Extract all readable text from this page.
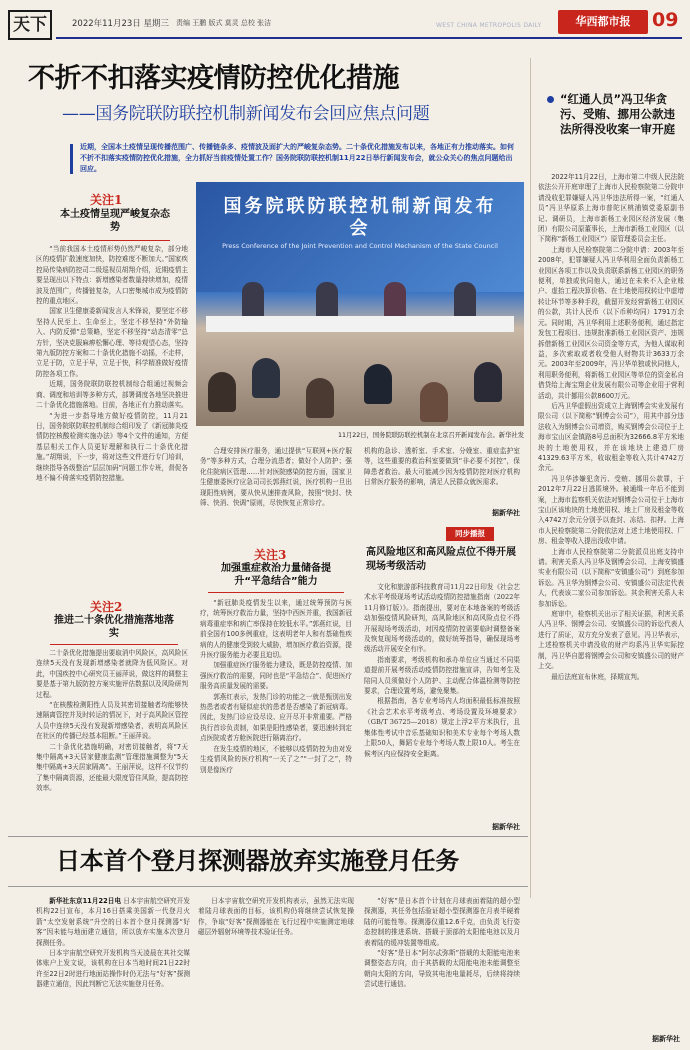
天下	2022年11月23日 星期三 责编 王鹏 版式 莫灵 总校 张洁	WEST CHINA METROPOLIS DAILY	华西都市报	09
不折不扣落实疫情防控优化措施
——国务院联防联控机制新闻发布会回应焦点问题
近期，全国本土疫情呈现传播范围广、传播链条多、疫情波及面扩大的严峻复杂态势。二十条优化措施发布以来，各地正有力推动落实。如何不折不扣落实疫情防控优化措施，全力抓好当前疫情处置工作？国务院联防联控机制11月22日举行新闻发布会，就公众关心的焦点问题给出回应。
国务院联防联控机制新闻发布会
Press Conference of the Joint Prevention and Control Mechanism of the State Council
11月22日，国务院联防联控机制在北京召开新闻发布会。新华社发
关注1
本土疫情呈现严峻复杂态势

“当前我国本土疫情形势仍然严峻复杂，部分地区的疫情扩散速度加快，防控难度不断加大。”国家疾控局传染病防控司二级巡视员胡翔介绍，近期疫情主要呈现出以下特点：新增感染者数量持续增加，疫情波及范围广，传播链复杂，人口密集城市成为疫情防控的重点地区。

国家卫生健康委新闻发言人米锋说，要坚定不移坚持人民至上、生命至上，坚定不移坚持“外防输入、内防反弹”总策略，坚定不移坚持“动态清零”总方针，坚决克服麻痹松懈心理、等待观望心态，坚持第九版防控方案和二十条优化措施不动摇，不走样，立足于防，立足于早，立足于快，科学精准做好疫情防控各项工作。

近期，国务院联防联控机制综合组通过视频会商、调度和培训等多种方式，部署调度各地坚决推进二十条优化措施落地。目前，各地正有力推动落实。

“为进一步指导地方做好疫情防控，11月21日，国务院联防联控机制综合组印发了《新冠肺炎疫情防控核酸检测实施办法》等4个文件的通知，方便基层相关工作人员更好理解和执行二十条优化措施。”胡翔说，下一步，将对这些文件进行专门培训，继续指导各级整治“层层加码”问题工作专班，督促各地不偏不倚落实疫情防控措施。

关注2
推进二十条优化措施落地落实

二十条优化措施提出要取消中风险区，高风险区连续5天没有发现新增感染者就降为低风险区。对此，中国疾控中心研究员王丽萍说，做这样的调整主要是基于第九版防控方案实施评估数据以及风险研判过程。

“在核酸检测阳性人员及其密切接触者均能够快速隔离管控并及时转运的情况下，对于高风险区管控人员中连续5天没有发现新增感染者，表明高风险区在社区的传播已经基本阻断。”王丽萍说。

二十条优化措施明确，对密切接触者，将“7天集中隔离+3天居家健康监测”管理措施调整为“5天集中隔离+3天居家隔离”。王丽萍说，这样不仅节约了集中隔离资源，还能最大限度管住风险，提高防控效率。

合理安排医疗服务，通过提供“互联网+医疗服务”等多种方式，合理分流患者；做好个人防护；强化住院病区管理……针对医院感染防控方面，国家卫生健康委医疗应急司司长郭燕红说，医疗机构一旦出现阳性病例，要从快从速排查风险，按照“快封、快筛、快消、快调”原则，尽快恢复正常诊疗。

关注3
加强重症救治力量储备提升“平急结合”能力

“新冠肺炎疫情发生以来，通过统筹预防与医疗，统筹医疗救治力量，坚持中西医并重，我国新冠病毒重症率和病亡率保持在较低水平。”郭燕红说，目前全国有100多例重症，这表明老年人和有基础性疾病的人的健康受到较大威胁，增加医疗救治资源，提升医疗服务能力必要且迫切。

加强重症医疗服务能力建设，既是防控疫情、加强医疗救治的需要，同时也是“平急结合”、促进医疗服务高质量发展的需要。

郭燕红表示，发热门诊的功能之一就是甄别出发热患者或者有疑似症状的患者是否感染了新冠病毒。因此，发热门诊应设尽设、应开尽开非常重要。严格执行首诊负责制，如果是阳性感染者，要迅速转到定点医院或者方舱医院进行隔离治疗。

在发生疫情的地区，不能够以疫情防控为由对发生疫情风险的医疗机构“一关了之”“一封了之”，特别是像医疗

机构的急诊、透析室、手术室、分娩室、重症监护室等，这些重要的救治科室要做到“非必要不封控”，保障患者救治。最大可能减少因为疫情防控对医疗机构日常医疗服务的影响，满足人民群众就医需求。

据新华社
同步播报
高风险地区和高风险点位不得开展现场考级活动

文化和旅游部科技教育司11月22日印发《社会艺术水平考级现场考试活动疫情防控措施指南（2022年11月修订版）》。指南提出，要对在本地备案的考级活动加强疫情风险研判，高风险地区和高风险点位不得开展现场考级活动，对因疫情防控需要临时调整备案及恢复现场考级活动的，做好统筹指导，确保现场考级活动开展安全有序。

指南要求，考级机构和承办单位应当通过不同渠道提前开展考级活动疫情防控措施宣讲，告知考生及陪同人员须做好个人防护、主动配合体温检测等防控要求，合理设置考场，避免聚集。

根据指南，各专业考场内人均面积最低标准按照《社会艺术水平考级考点、考场设置及环境要求》（GB/T 36725—2018）规定上浮2平方米执行，且集体性考试中音乐基础知识和美术专业每个考场人数上限50人，舞蹈专业每个考场人数上限10人。考生在候考区内应保持安全距离。

据新华社
“红通人员”冯卫华贪污、受贿、挪用公款违法所得没收案一审开庭

2022年11月22日，上海市第二中级人民法院依法公开开庭审理了上海市人民检察院第二分院申请没收犯罪嫌疑人冯卫华违法所得一案，“红通人员”冯卫华原系上海市普陀区桃浦镇党委原副书记、调研员，上海市新杨工业园区经济发展（集团）有限公司原董事长，上海市新杨工业园区（以下简称“新杨工业园区”）原管理委员会主任。

上海市人民检察院第二分院申请：2003年至2008年，犯罪嫌疑人冯卫华利用全面负责新杨工业园区各项工作以及负责联系新杨工业园区的职务便利，单独或伙同他人，通过在未来不入企业账户、虚抬工程决算价格、在土地使用权转让中虚增转让环节等多种手段，截留开发经营新杨工业园区的公款，共计人民币（以下币种均同）1791万余元。同时期，冯卫华利用上述职务便利，通过指定发包工程项目、违规批准新杨工业园区资产、违规拆借新杨工业园区公司资金等方式，为他人谋取利益，多次索取或者收受他人财物共计3633万余元。2003年至2009年，冯卫华单独或伙同他人，利用职务便利，将新杨工业园区等单位的资金私自借贷给上海宝翔企业发展有限公司等企业用于营利活动，共计挪用公款8600万元。

后冯卫华虚假出资成立上海钢博会实业发展有限公司（以下简称“钢博会公司”），用其中部分违法收入为钢博会公司增资，购买钢博会公司位于上海市宝山区金镇路8号总面积为32666.8平方米地块的土地使用权，并在该地块上建造厂房41329.63平方米，收取租金等收入共计4742万余元。

冯卫华涉嫌犯贪污、受贿、挪用公款罪，于2012年7月22日逃匿境外。被通缉一年后不能到案，上海市监察机关依法对钢博会公司位于上海市宝山区该地块的土地使用权、地上厂房及租金等收入4742万余元分别予以查封、冻结、扣押。上海市人民检察院第二分院依法对上述土地使用权、厂房、租金等收入提出没收申请。

上海市人民检察院第二分院派员出庭支持申请。利害关系人冯卫华及钢博会公司、上海安镇盛实业有限公司（以下简称“安镇盛公司”）到庭参加诉讼。冯卫华为钢博会公司、安镇盛公司法定代表人，代表该二家公司参加诉讼。其余利害关系人未参加诉讼。

庭审中，检察机关出示了相关证据，利害关系人冯卫华、钢博会公司、安镇盛公司的诉讼代表人进行了质证，双方充分发表了意见。冯卫华表示，上述检察机关申请没收的财产均系冯卫华实际控制，冯卫华自愿将钢博会公司和安镇盛公司的财产上交。

最后法庭宣布休庭，择期宣判。

据新华社
日本首个登月探测器放弃实施登月任务

新华社东京11月22日电 日本宇宙航空研究开发机构22日宣布，本月16日搭乘美国新一代登月火箭“太空发射系统”升空的日本首个登月探测器“好客”因未能与地面建立通信，所以放弃实施本次登月探测任务。

日本宇宙航空研究开发机构当天凌晨在其社交媒体账户上发文说，该机构在日本当地时间21日22时许至22日2时进行地面站操作时仍无法与“好客”探测器建立通信，因此判断它无法实施登月任务。

日本宇宙航空研究开发机构表示，虽然无法实现着陆月球表面的目标，该机构仍将继续尝试恢复操作，争取“好客”探测器能在飞行过程中实施测定地球磁层外辐射环境等技术验证任务。

“好客”是日本首个计划在月球表面着陆的超小型探测器，其任务包括验证超小型探测器在月表半硬着陆的可能性等。探测器仅重12.6千克，由负责飞行姿态控制的推进系统、搭载于顶部的太阳能电池以及月表着陆的缓冲装置等组成。

“好客”是日本“阿尔忒弥斯”搭载的太阳能电池来调整姿态方向，由于其搭载的太阳能电池未能调整至朝向太阳的方向，导致其电池电量耗尽，后续将持续尝试进行通信。
